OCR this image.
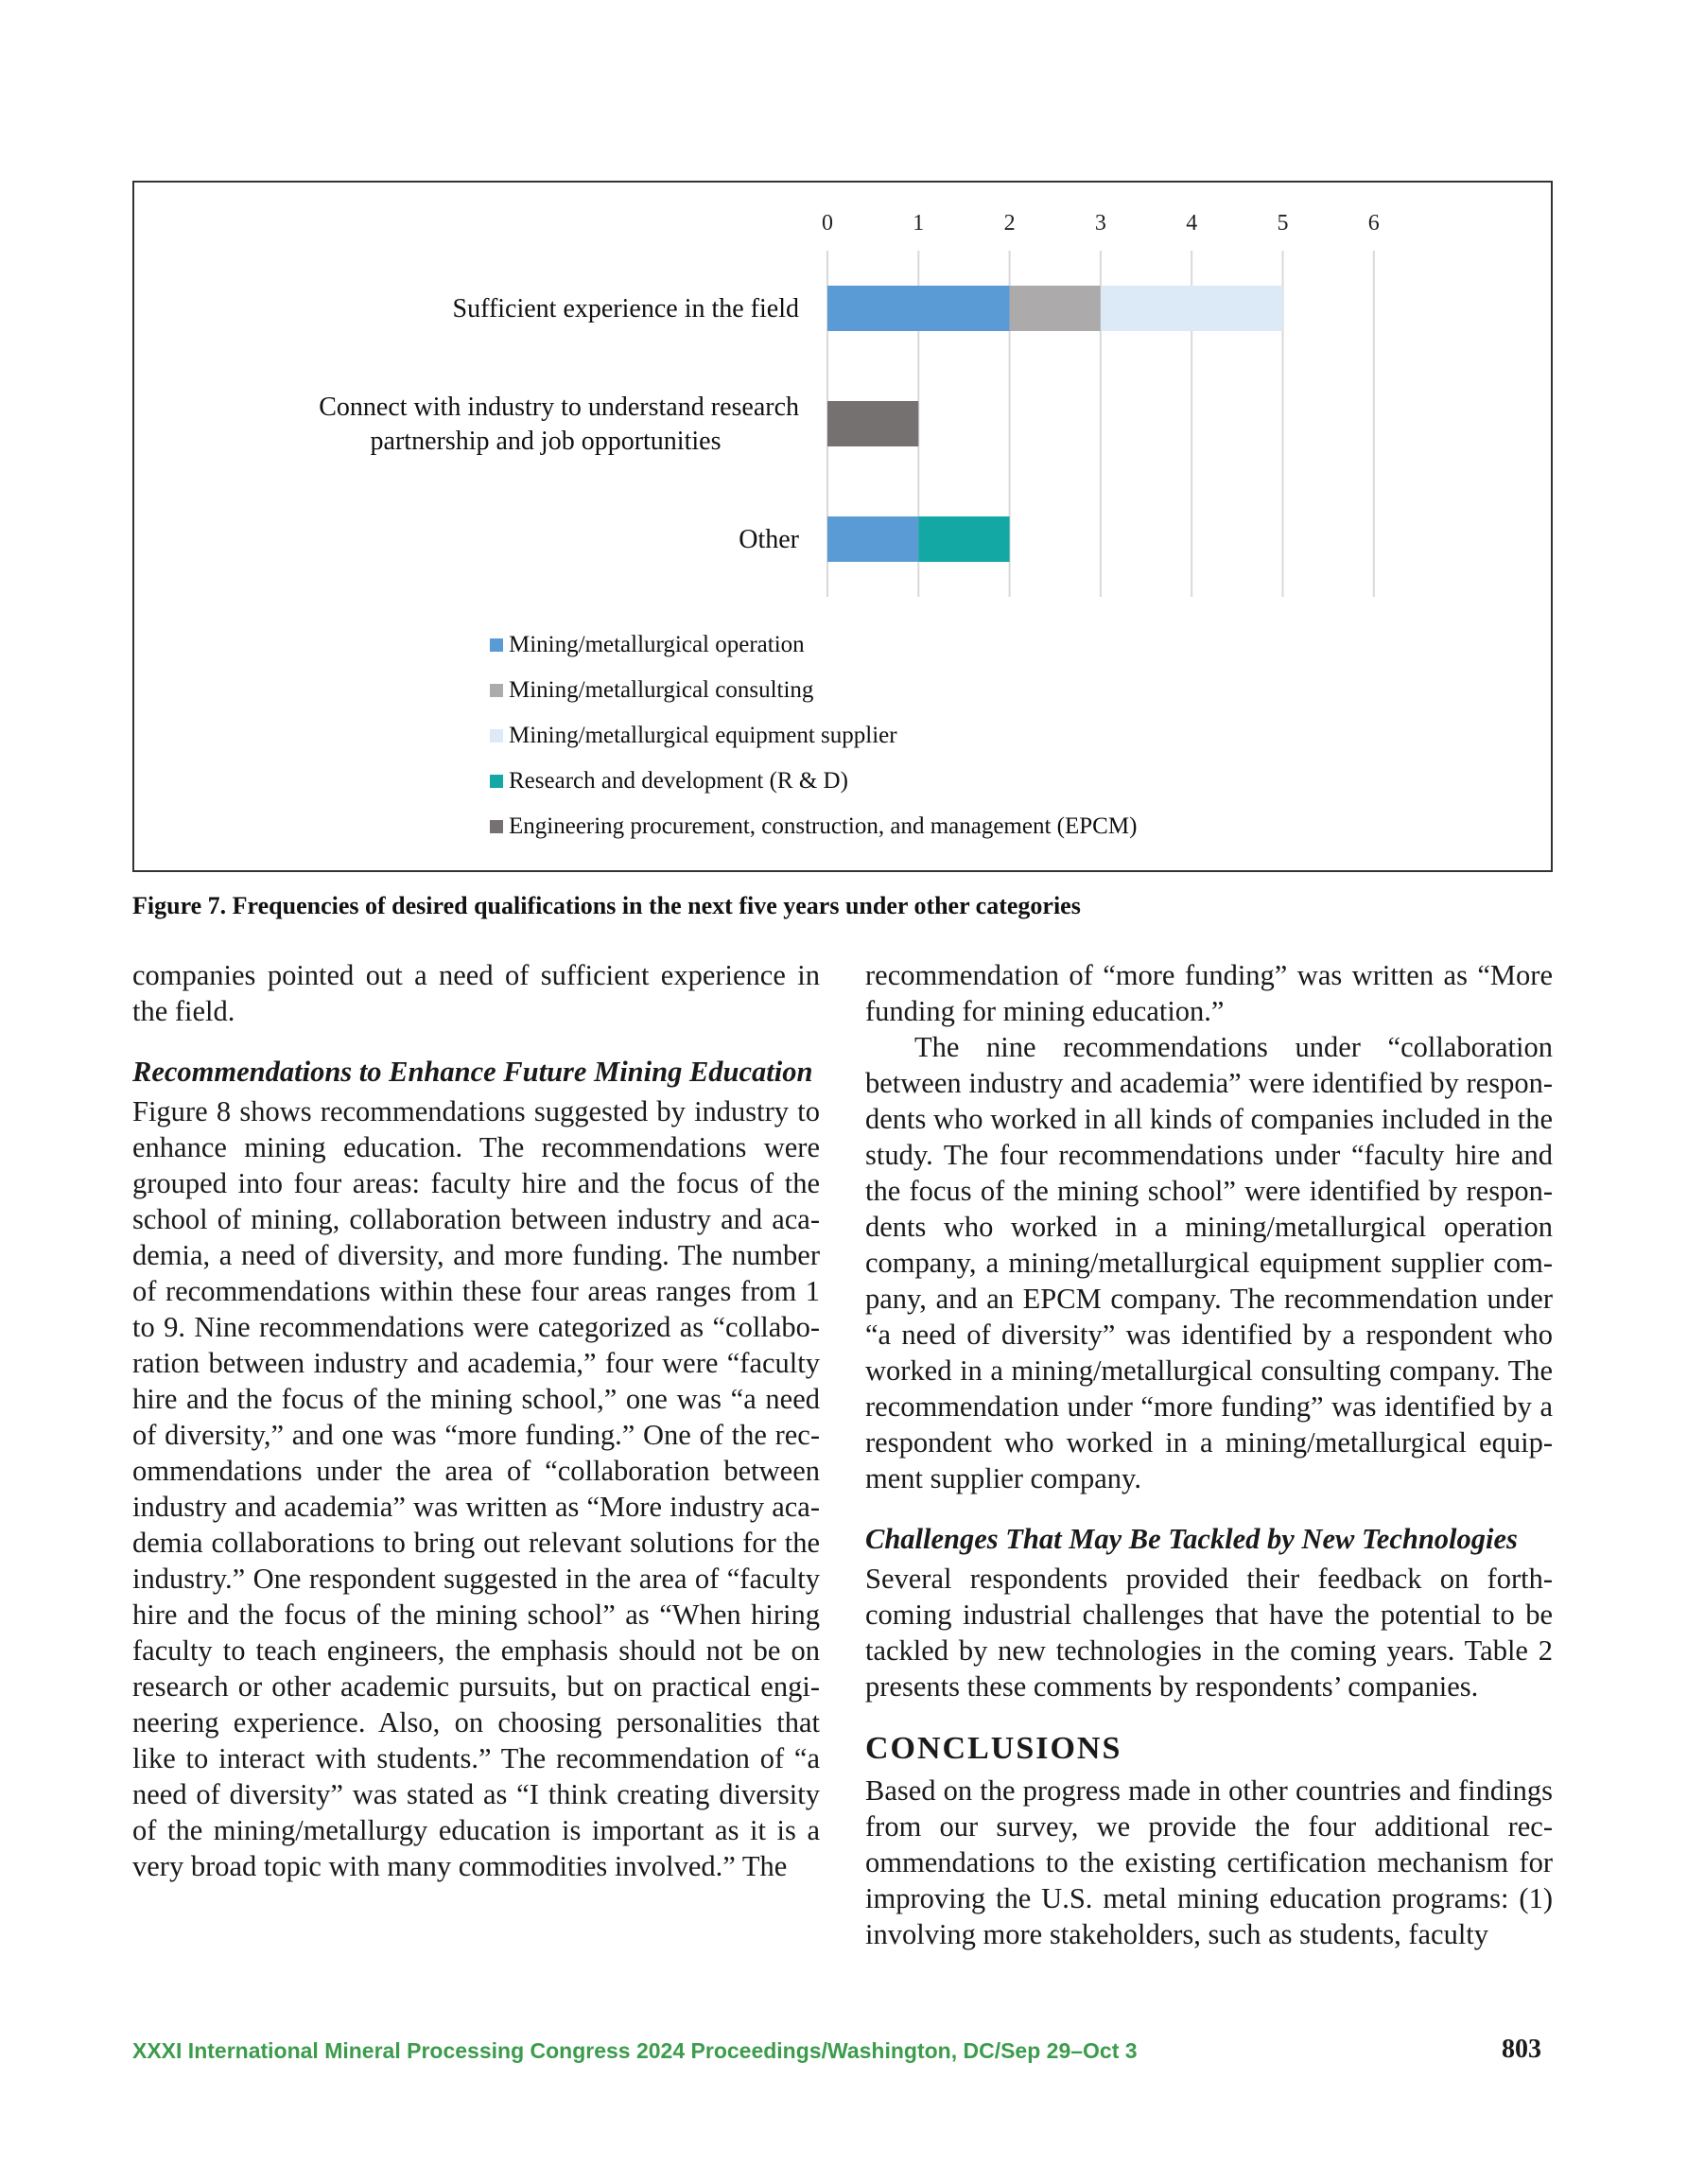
0	1	2	3	4	5	6
Sufficient experience in the field
Connect with industry to understand research
partnership and job opportunities
Other
Mining/metallurgical operation
Mining/metallurgical consulting
Mining/metallurgical equipment supplier
Research and development (R & D)
Engineering procurement, construction, and management (EPCM)
Figure 7. Frequencies of desired qualifications in the next five years under other categories

companies pointed out a need of sufficient experience in the field.

Recommendations to Enhance Future Mining Education

Figure 8 shows recommendations suggested by industry to enhance mining education. The recommendations were grouped into four areas: faculty hire and the focus of the school of mining, collaboration between industry and academia, a need of diversity, and more funding. The number of recommendations within these four areas ranges from 1 to 9. Nine recommendations were categorized as “collaboration between industry and academia,” four were “faculty hire and the focus of the mining school,” one was “a need of diversity,” and one was “more funding.” One of the recommendations under the area of “collaboration between industry and academia” was written as “More industry academia collaborations to bring out relevant solutions for the industry.” One respondent suggested in the area of “faculty hire and the focus of the mining school” as “When hiring faculty to teach engineers, the emphasis should not be on research or other academic pursuits, but on practical engineering experience. Also, on choosing personalities that like to interact with students.” The recommendation of “a need of diversity” was stated as “I think creating diversity of the mining/metallurgy education is important as it is a very broad topic with many commodities involved.” The

recommendation of “more funding” was written as “More funding for mining education.”

The nine recommendations under “collaboration between industry and academia” were identified by respondents who worked in all kinds of companies included in the study. The four recommendations under “faculty hire and the focus of the mining school” were identified by respondents who worked in a mining/metallurgical operation company, a mining/metallurgical equipment supplier company, and an EPCM company. The recommendation under “a need of diversity” was identified by a respondent who worked in a mining/metallurgical consulting company. The recommendation under “more funding” was identified by a respondent who worked in a mining/metallurgical equipment supplier company.

Challenges That May Be Tackled by New Technologies

Several respondents provided their feedback on forthcoming industrial challenges that have the potential to be tackled by new technologies in the coming years. Table 2 presents these comments by respondents’ companies.

CONCLUSIONS

Based on the progress made in other countries and findings from our survey, we provide the four additional recommendations to the existing certification mechanism for improving the U.S. metal mining education programs: (1) involving more stakeholders, such as students, faculty

XXXI International Mineral Processing Congress 2024 Proceedings/Washington, DC/Sep 29–Oct 3	803
